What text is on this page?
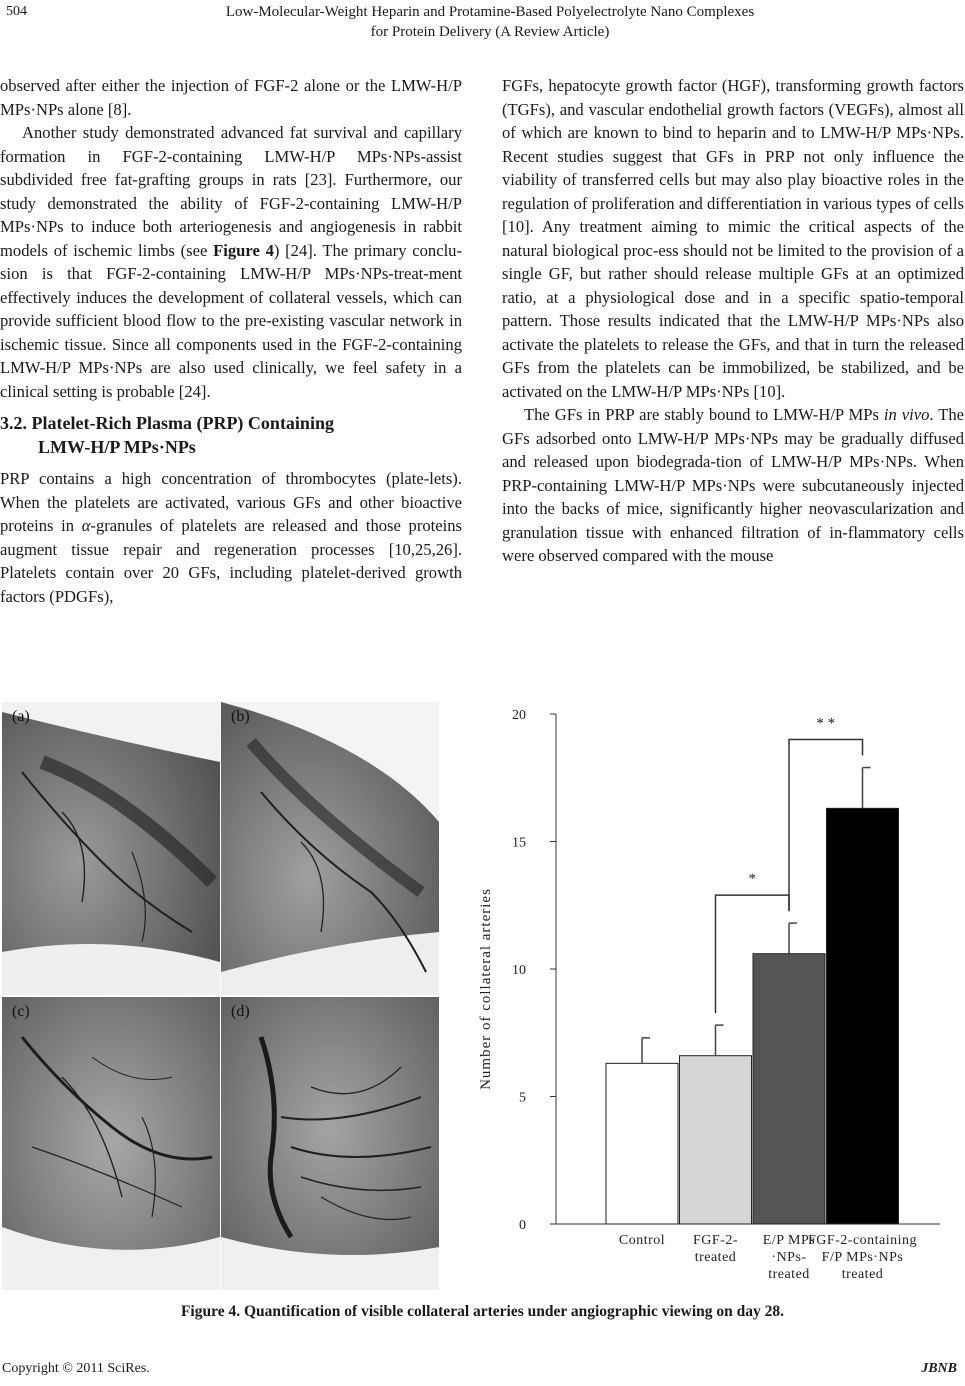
504	Low-Molecular-Weight Heparin and Protamine-Based Polyelectrolyte Nano Complexes
for Protein Delivery (A Review Article)

observed after either the injection of FGF-2 alone or the LMW-H/P MPs·NPs alone [8].

Another study demonstrated advanced fat survival and capillary formation in FGF-2-containing LMW-H/P MPs·NPs-assist subdivided free fat-grafting groups in rats [23]. Furthermore, our study demonstrated the ability of FGF-2-containing LMW-H/P MPs·NPs to induce both arteriogenesis and angiogenesis in rabbit models of ischemic limbs (see Figure 4) [24]. The primary conclu-sion is that FGF-2-containing LMW-H/P MPs·NPs-treat-ment effectively induces the development of collateral vessels, which can provide sufficient blood flow to the pre-existing vascular network in ischemic tissue. Since all components used in the FGF-2-containing LMW-H/P MPs·NPs are also used clinically, we feel safety in a clinical setting is probable [24].

3.2. Platelet-Rich Plasma (PRP) Containing
LMW-H/P MPs·NPs

PRP contains a high concentration of thrombocytes (plate-lets). When the platelets are activated, various GFs and other bioactive proteins in α-granules of platelets are released and those proteins augment tissue repair and regeneration processes [10,25,26]. Platelets contain over 20 GFs, including platelet-derived growth factors (PDGFs),

FGFs, hepatocyte growth factor (HGF), transforming growth factors (TGFs), and vascular endothelial growth factors (VEGFs), almost all of which are known to bind to heparin and to LMW-H/P MPs·NPs. Recent studies suggest that GFs in PRP not only influence the viability of transferred cells but may also play bioactive roles in the regulation of proliferation and differentiation in various types of cells [10]. Any treatment aiming to mimic the critical aspects of the natural biological proc-ess should not be limited to the provision of a single GF, but rather should release multiple GFs at an optimized ratio, at a physiological dose and in a specific spatio-temporal pattern. Those results indicated that the LMW-H/P MPs·NPs also activate the platelets to release the GFs, and that in turn the released GFs from the platelets can be immobilized, be stabilized, and be activated on the LMW-H/P MPs·NPs [10].

The GFs in PRP are stably bound to LMW-H/P MPs in vivo. The GFs adsorbed onto LMW-H/P MPs·NPs may be gradually diffused and released upon biodegrada-tion of LMW-H/P MPs·NPs. When PRP-containing LMW-H/P MPs·NPs were subcutaneously injected into the backs of mice, significantly higher neovascularization and granulation tissue with enhanced filtration of in-flammatory cells were observed compared with the mouse

(a)	(b)
(c)	(d)
0
5
10
15
20
Number of collateral arteries
Control FGF-2-
treated
E/P MPs
·NPs-
treated
FGF-2-containing
F/P MPs·NPs
treated
*
* *
Figure 4. Quantification of visible collateral arteries under angiographic viewing on day 28.
Copyright © 2011 SciRes.	JBNB
